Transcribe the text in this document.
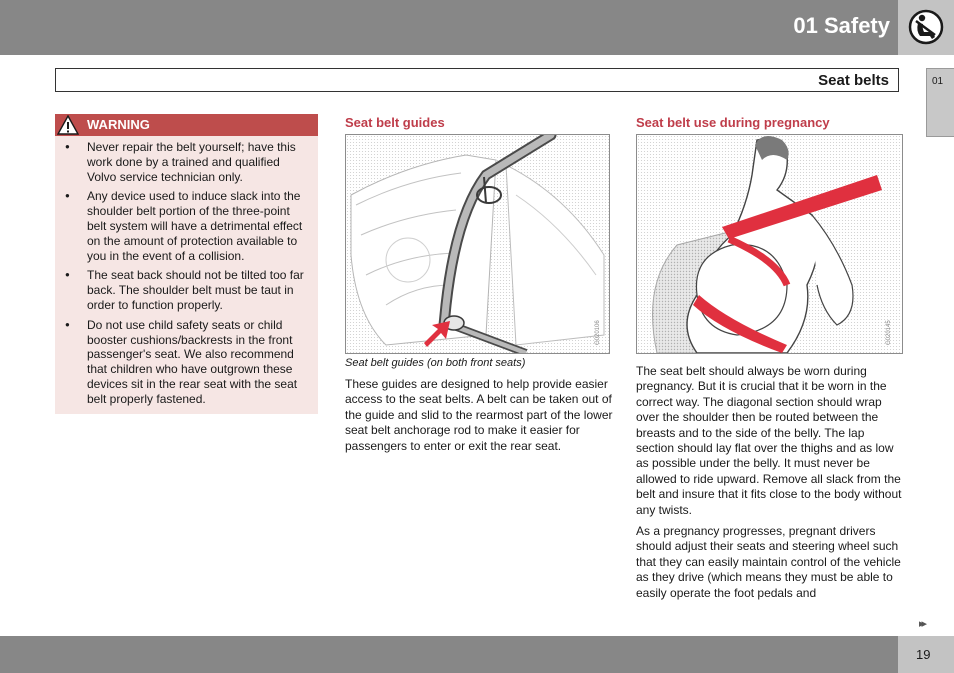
01 Safety
Seat belts	01
WARNING
● Never repair the belt yourself; have this work done by a trained and qualified Volvo service technician only.
● Any device used to induce slack into the shoulder belt portion of the three-point belt system will have a detrimental effect on the amount of protection available to you in the event of a collision.
● The seat back should not be tilted too far back. The shoulder belt must be taut in order to function properly.
● Do not use child safety seats or child booster cushions/backrests in the front passenger's seat. We also recommend that children who have outgrown these devices sit in the rear seat with the seat belt properly fastened.
Seat belt guides
G020106
Seat belt guides (on both front seats)
These guides are designed to help provide easier access to the seat belts. A belt can be taken out of the guide and slid to the rearmost part of the lower seat belt anchorage rod to make it easier for passengers to enter or exit the rear seat.
Seat belt use during pregnancy
G020145

The seat belt should always be worn during pregnancy. But it is crucial that it be worn in the correct way. The diagonal section should wrap over the shoulder then be routed between the breasts and to the side of the belly. The lap section should lay flat over the thighs and as low as possible under the belly. It must never be allowed to ride upward. Remove all slack from the belt and insure that it fits close to the body without any twists.

As a pregnancy progresses, pregnant drivers should adjust their seats and steering wheel such that they can easily maintain control of the vehicle as they drive (which means they must be able to easily operate the foot pedals and

▸▸
19
